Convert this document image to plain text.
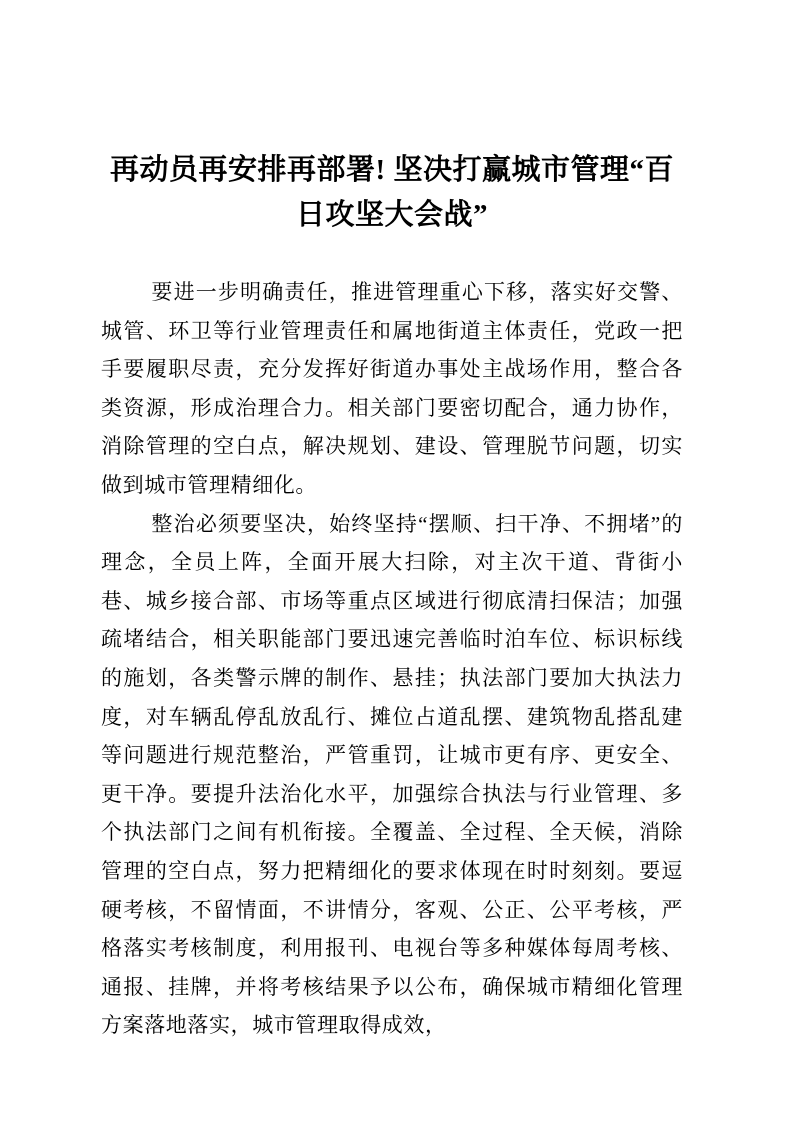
再动员再安排再部署! 坚决打赢城市管理“百日攻坚大会战”

要进一步明确责任，推进管理重心下移，落实好交警、城管、环卫等行业管理责任和属地街道主体责任，党政一把手要履职尽责，充分发挥好街道办事处主战场作用，整合各类资源，形成治理合力。相关部门要密切配合，通力协作，消除管理的空白点，解决规划、建设、管理脱节问题，切实做到城市管理精细化。

整治必须要坚决，始终坚持“摆顺、扫干净、不拥堵”的理念，全员上阵，全面开展大扫除，对主次干道、背街小巷、城乡接合部、市场等重点区域进行彻底清扫保洁；加强疏堵结合，相关职能部门要迅速完善临时泊车位、标识标线的施划，各类警示牌的制作、悬挂；执法部门要加大执法力度，对车辆乱停乱放乱行、摊位占道乱摆、建筑物乱搭乱建等问题进行规范整治，严管重罚，让城市更有序、更安全、更干净。要提升法治化水平，加强综合执法与行业管理、多个执法部门之间有机衔接。全覆盖、全过程、全天候，消除管理的空白点，努力把精细化的要求体现在时时刻刻。要逗硬考核，不留情面，不讲情分，客观、公正、公平考核，严格落实考核制度，利用报刊、电视台等多种媒体每周考核、通报、挂牌，并将考核结果予以公布，确保城市精细化管理方案落地落实，城市管理取得成效，
